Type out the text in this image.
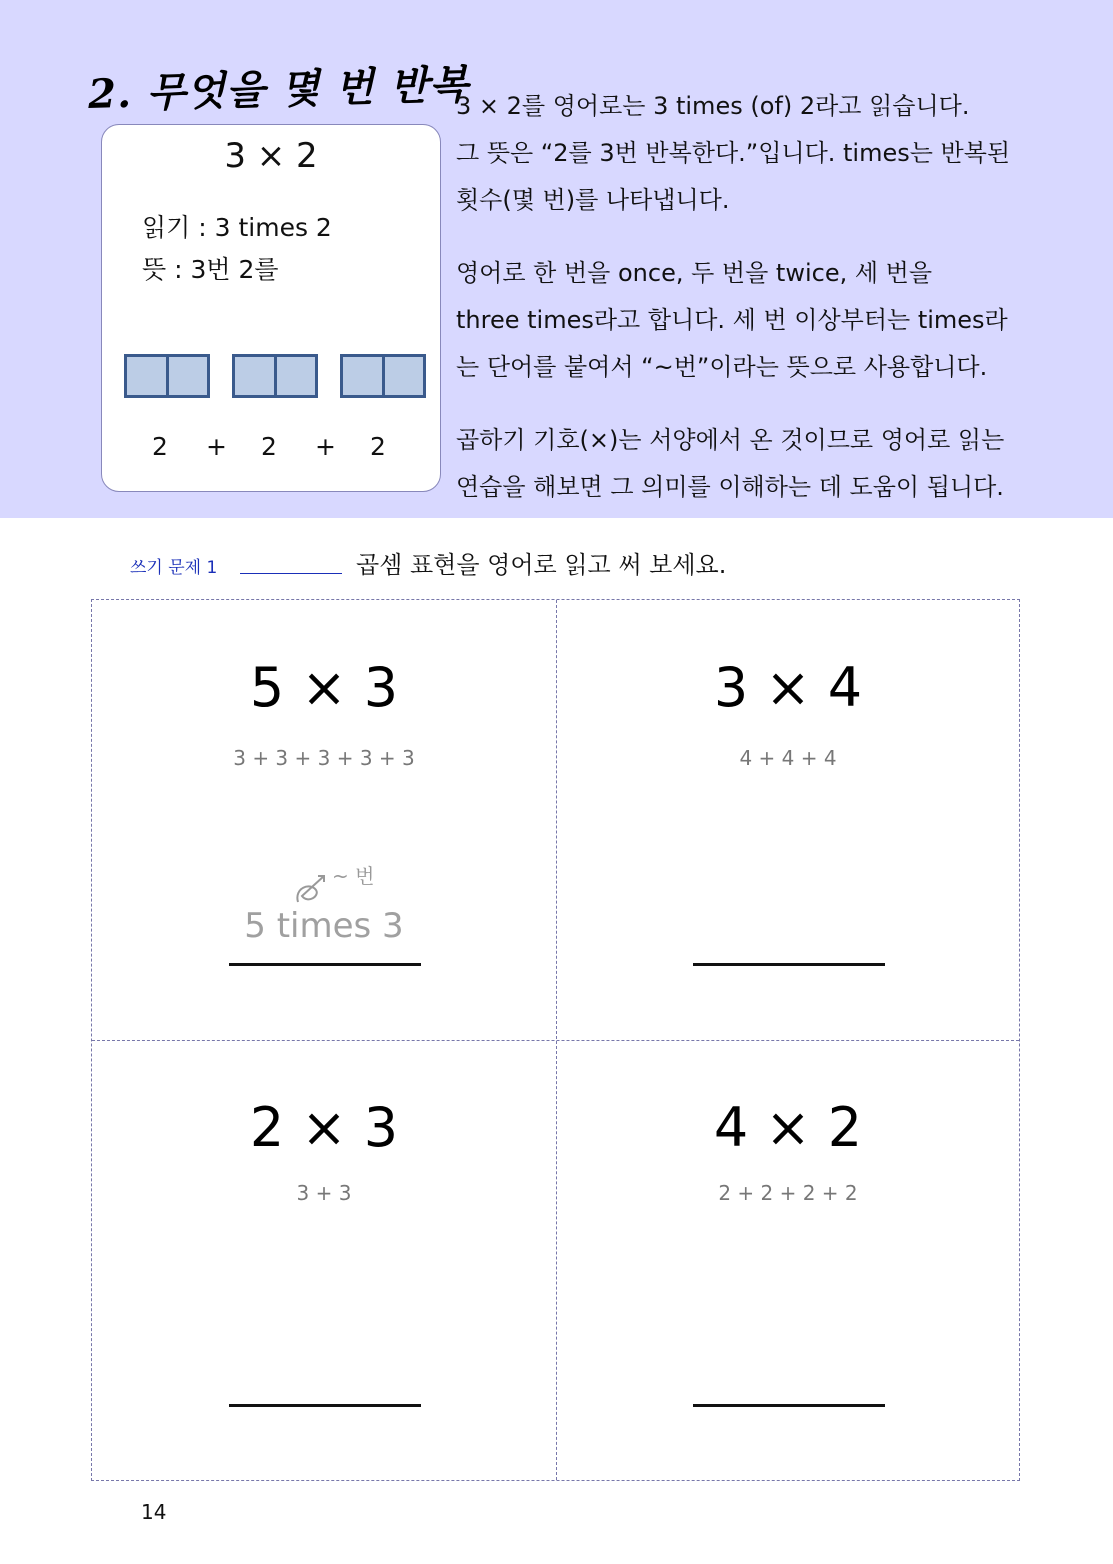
2. 무엇을 몇 번 반복
3 × 2
읽기 : 3 times 2
뜻 : 3번 2를
2 + 2 + 2

3 × 2를 영어로는 3 times (of) 2라고 읽습니다.

그 뜻은 “2를 3번 반복한다.”입니다. times는 반복된

횟수(몇 번)를 나타냅니다.

영어로 한 번을 once, 두 번을 twice, 세 번을

three times라고 합니다. 세 번 이상부터는 times라

는 단어를 붙여서 “~번”이라는 뜻으로 사용합니다.

곱하기 기호(×)는 서양에서 온 것이므로 영어로 읽는

연습을 해보면 그 의미를 이해하는 데 도움이 됩니다.

쓰기 문제 1	곱셈 표현을 영어로 읽고 써 보세요.
5 × 3
3 + 3 + 3 + 3 + 3
~ 번
5 times 3
3 × 4
4 + 4 + 4
2 × 3
3 + 3
4 × 2
2 + 2 + 2 + 2
14
